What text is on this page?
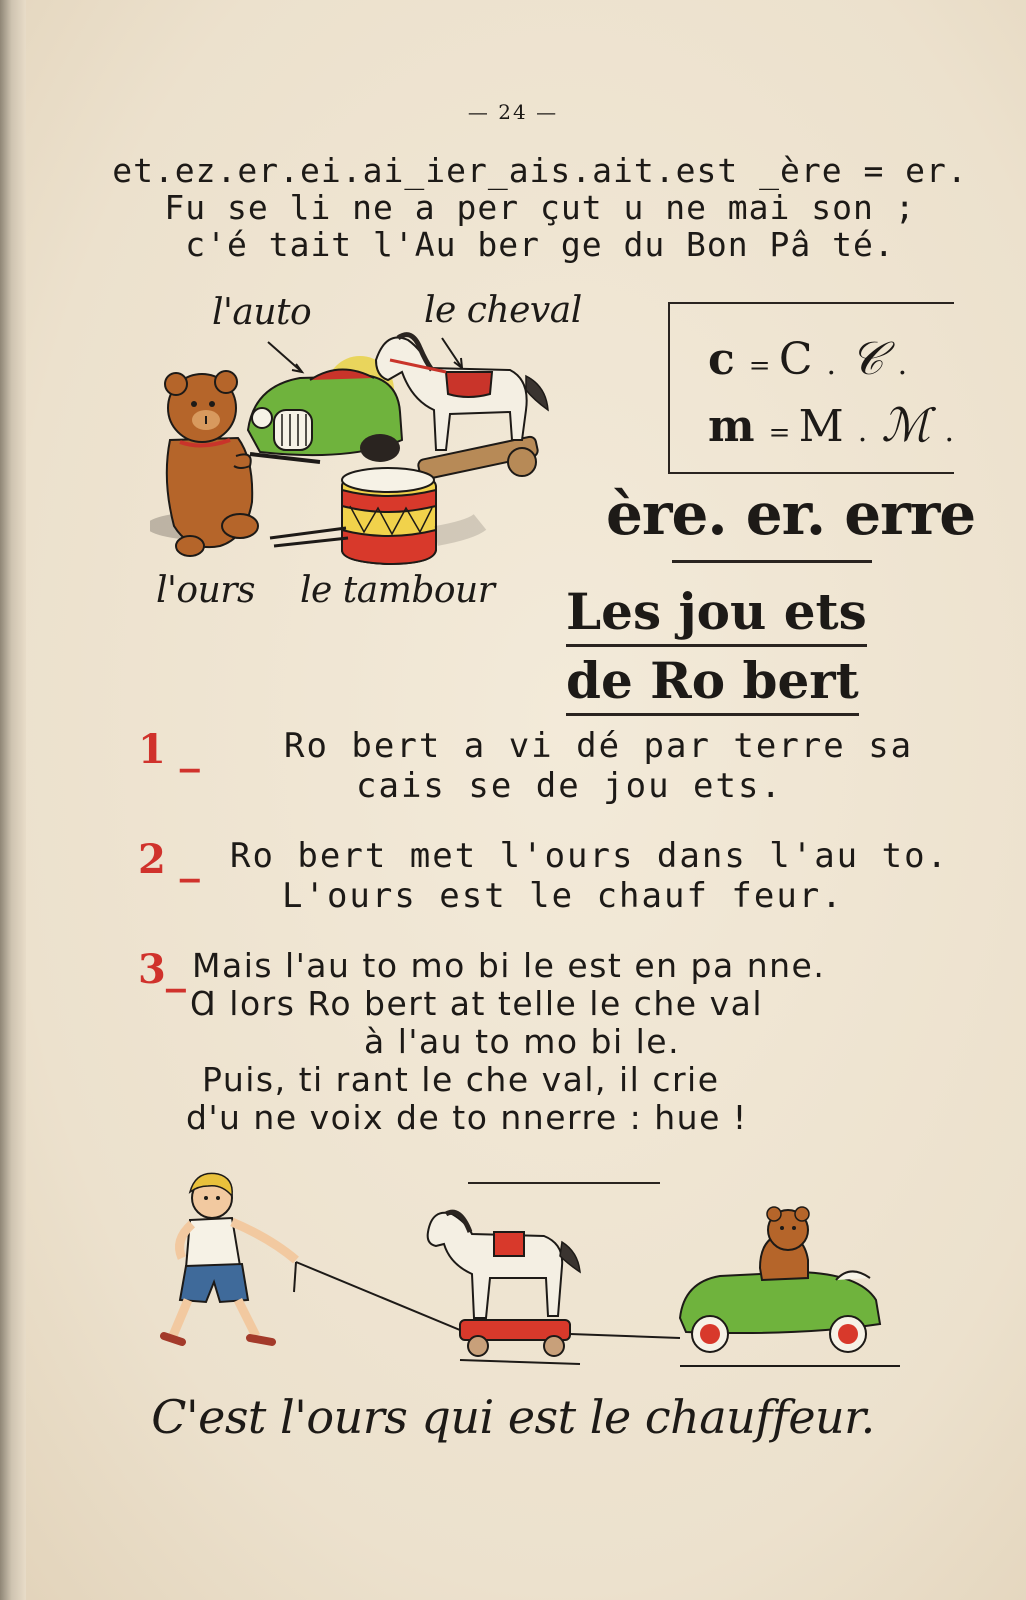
— 24 —
et.ez.er.ei.ai_ier_ais.ait.est _ère = er.
Fu se li ne a per çut u ne mai son ;
c'é tait l'Au ber ge du Bon Pâ té.
l'auto	le cheval
l'ours le tambour
c = C . 𝒞 .
m = M . ℳ .
ère. er. erre
Les jou ets
de Ro bert
1 _ Ro bert a vi dé par terre sa
cais se de jou ets.
2 _ Ro bert met l'ours dans l'au to.
L'ours est le chauf feur.
3_ Mais l'au to mo bi le est en pa nne.
Ɑ lors Ro bert at telle le che val
à l'au to mo bi le.
Puis, ti rant le che val, il crie
d'u ne voix de to nnerre : hue !
C'est l'ours qui est le chauffeur.
